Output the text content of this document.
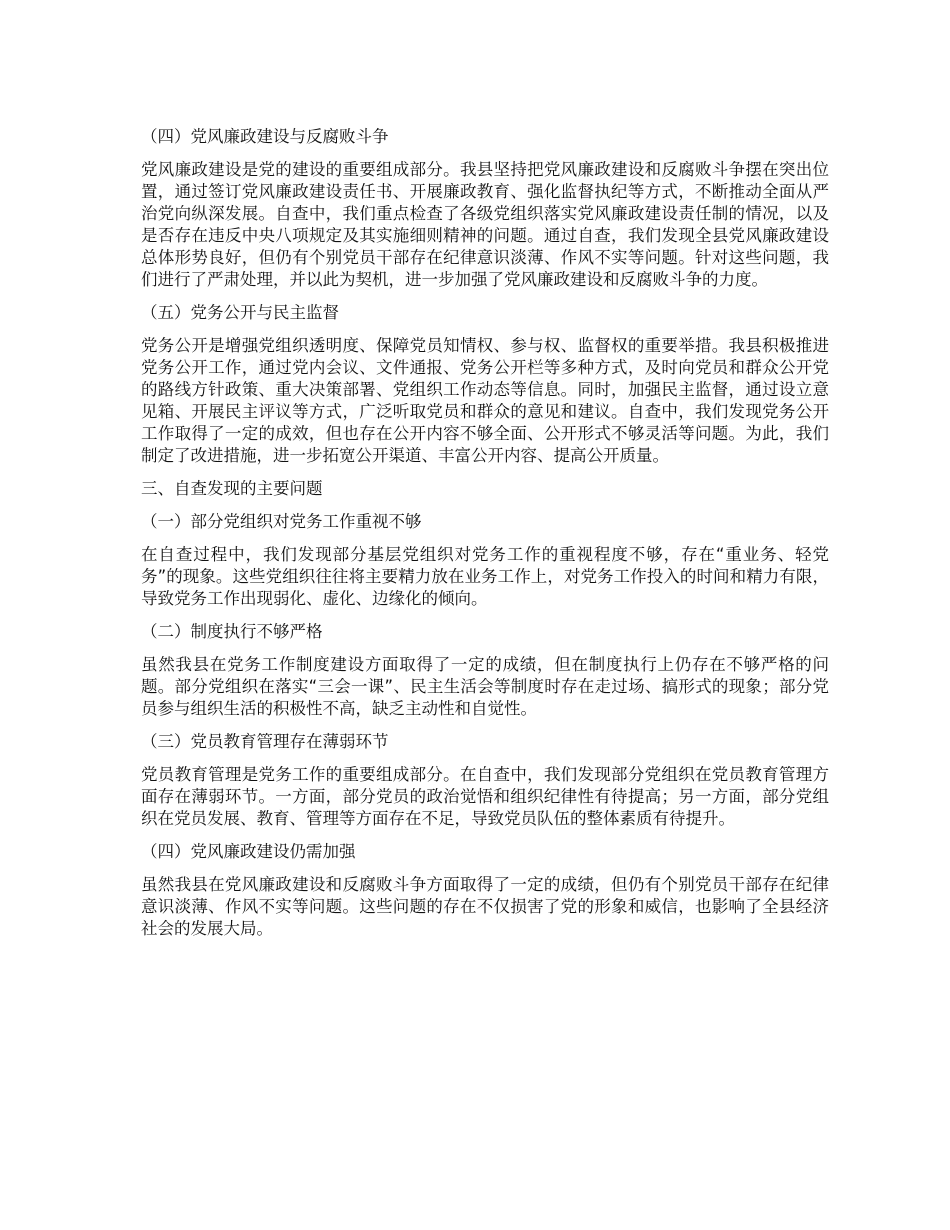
（四）党风廉政建设与反腐败斗争
党风廉政建设是党的建设的重要组成部分。我县坚持把党风廉政建设和反腐败斗争摆在突出位置，通过签订党风廉政建设责任书、开展廉政教育、强化监督执纪等方式，不断推动全面从严治党向纵深发展。自查中，我们重点检查了各级党组织落实党风廉政建设责任制的情况，以及是否存在违反中央八项规定及其实施细则精神的问题。通过自查，我们发现全县党风廉政建设总体形势良好，但仍有个别党员干部存在纪律意识淡薄、作风不实等问题。针对这些问题，我们进行了严肃处理，并以此为契机，进一步加强了党风廉政建设和反腐败斗争的力度。
（五）党务公开与民主监督
党务公开是增强党组织透明度、保障党员知情权、参与权、监督权的重要举措。我县积极推进党务公开工作，通过党内会议、文件通报、党务公开栏等多种方式，及时向党员和群众公开党的路线方针政策、重大决策部署、党组织工作动态等信息。同时，加强民主监督，通过设立意见箱、开展民主评议等方式，广泛听取党员和群众的意见和建议。自查中，我们发现党务公开工作取得了一定的成效，但也存在公开内容不够全面、公开形式不够灵活等问题。为此，我们制定了改进措施，进一步拓宽公开渠道、丰富公开内容、提高公开质量。
三、自查发现的主要问题
（一）部分党组织对党务工作重视不够
在自查过程中，我们发现部分基层党组织对党务工作的重视程度不够，存在“重业务、轻党务”的现象。这些党组织往往将主要精力放在业务工作上，对党务工作投入的时间和精力有限，导致党务工作出现弱化、虚化、边缘化的倾向。
（二）制度执行不够严格
虽然我县在党务工作制度建设方面取得了一定的成绩，但在制度执行上仍存在不够严格的问题。部分党组织在落实“三会一课”、民主生活会等制度时存在走过场、搞形式的现象；部分党员参与组织生活的积极性不高，缺乏主动性和自觉性。
（三）党员教育管理存在薄弱环节
党员教育管理是党务工作的重要组成部分。在自查中，我们发现部分党组织在党员教育管理方面存在薄弱环节。一方面，部分党员的政治觉悟和组织纪律性有待提高；另一方面，部分党组织在党员发展、教育、管理等方面存在不足，导致党员队伍的整体素质有待提升。
（四）党风廉政建设仍需加强
虽然我县在党风廉政建设和反腐败斗争方面取得了一定的成绩，但仍有个别党员干部存在纪律意识淡薄、作风不实等问题。这些问题的存在不仅损害了党的形象和威信，也影响了全县经济社会的发展大局。
